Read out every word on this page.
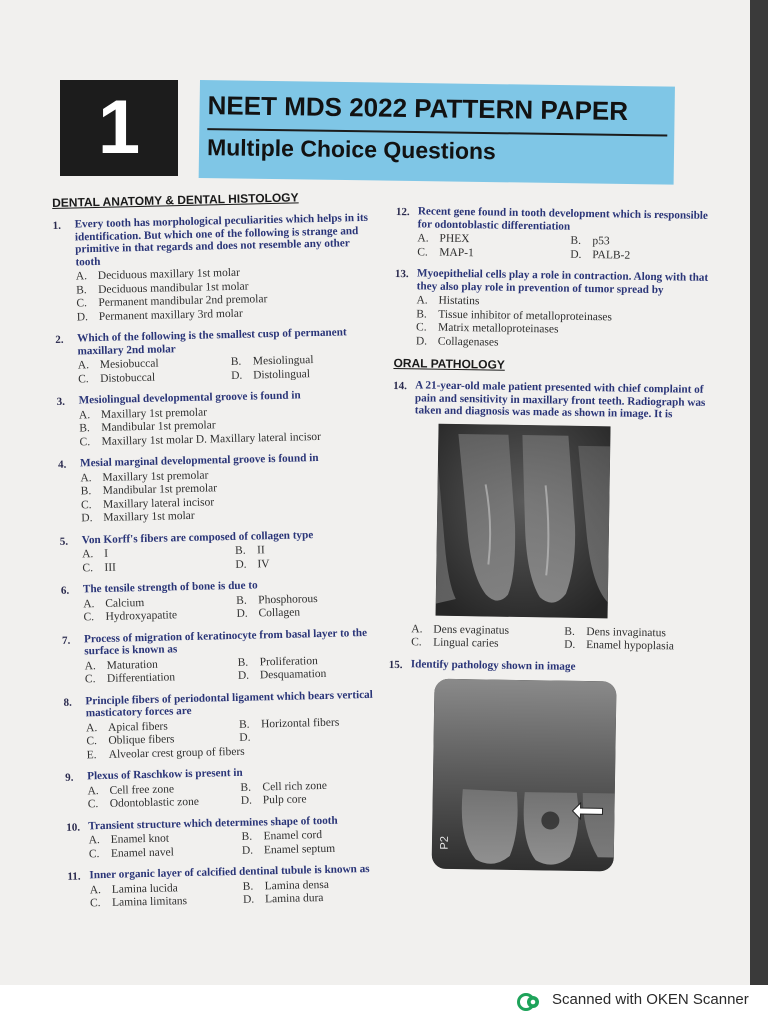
1	NEET MDS 2022 PATTERN PAPER
Multiple Choice Questions
DENTAL ANATOMY & DENTAL HISTOLOGY
1.	Every tooth has morphological peculiarities which helps in its identification. But which one of the following is strange and primitive in that regards and does not resemble any other tooth
A. Deciduous maxillary 1st molar
B. Deciduous mandibular 1st molar
C. Permanent mandibular 2nd premolar
D. Permanent maxillary 3rd molar
2.	Which of the following is the smallest cusp of permanent maxillary 2nd molar
A. Mesiobuccal	B. Mesiolingual
C. Distobuccal	D. Distolingual
3.	Mesiolingual developmental groove is found in
A. Maxillary 1st premolar
B. Mandibular 1st premolar
C. Maxillary 1st molar D. Maxillary lateral incisor
4.	Mesial marginal developmental groove is found in
A. Maxillary 1st premolar
B. Mandibular 1st premolar
C. Maxillary lateral incisor
D. Maxillary 1st molar
5.	Von Korff's fibers are composed of collagen type
A. I	B. II
C. III	D. IV
6.	The tensile strength of bone is due to
A. Calcium	B. Phosphorous
C. Hydroxyapatite	D. Collagen
7.	Process of migration of keratinocyte from basal layer to the surface is known as
A. Maturation	B. Proliferation
C. Differentiation	D. Desquamation
8.	Principle fibers of periodontal ligament which bears vertical masticatory forces are
A. Apical fibers	B. Horizontal fibers
C. Oblique fibers	D.
E.	Alveolar crest group of fibers
9.	Plexus of Raschkow is present in
A. Cell free zone	B. Cell rich zone
C. Odontoblastic zone	D. Pulp core
10. Transient structure which determines shape of tooth
A. Enamel knot	B. Enamel cord
C. Enamel navel	D. Enamel septum
11. Inner organic layer of calcified dentinal tubule is known as
A. Lamina lucida	B. Lamina densa
C. Lamina limitans	D. Lamina dura
12. Recent gene found in tooth development which is responsible for odontoblastic differentiation
A. PHEX	B. p53
C. MAP-1	D. PALB-2
13. Myoepithelial cells play a role in contraction. Along with that they also play role in prevention of tumor spread by
A. Histatins
B. Tissue inhibitor of metalloproteinases
C. Matrix metalloproteinases
D. Collagenases
ORAL PATHOLOGY
14. A 21-year-old male patient presented with chief complaint of pain and sensitivity in maxillary front teeth. Radiograph was taken and diagnosis was made as shown in image. It is
A. Dens evaginatus	B. Dens invaginatus
C. Lingual caries	D. Enamel hypoplasia
15. Identify pathology shown in image
P2
Scanned with OKEN Scanner
